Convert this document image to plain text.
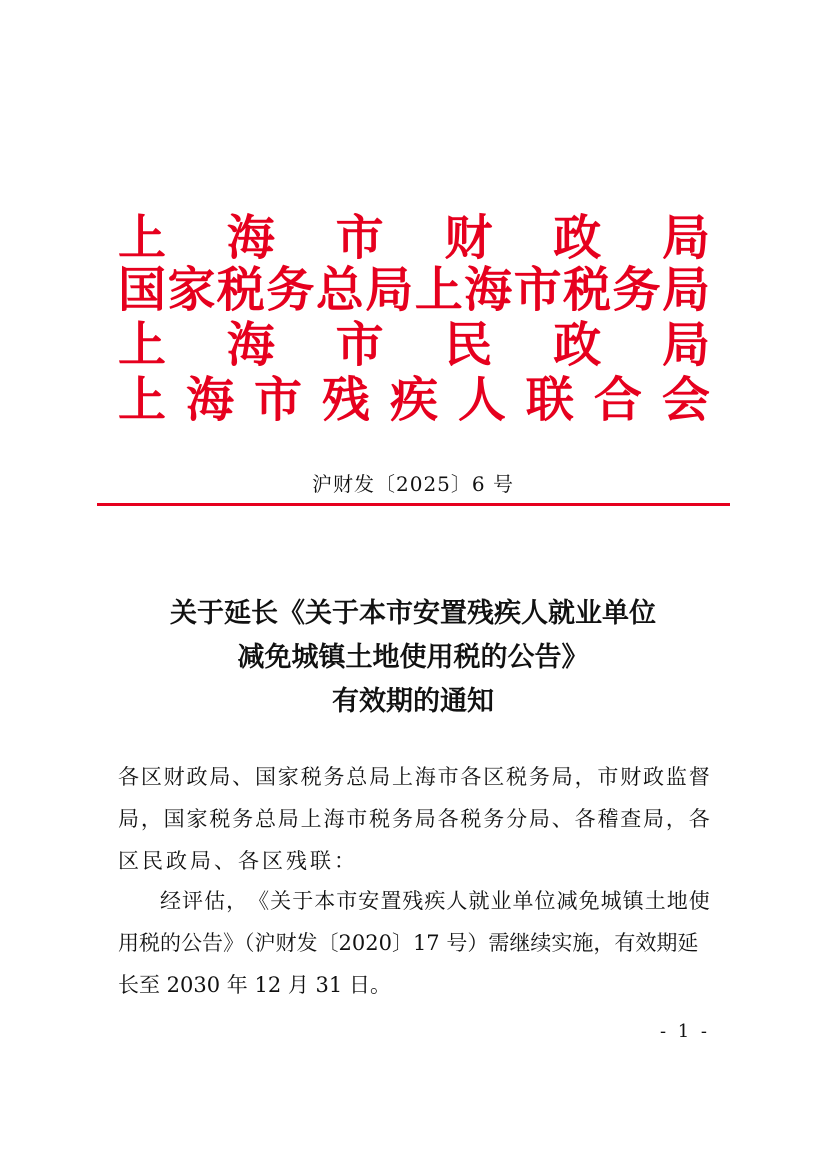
上 海 市 财 政 局
国 家 税 务 总 局 上 海 市 税 务 局
上 海 市 民 政 局
上 海 市 残 疾 人 联 合 会
沪财发〔2025〕6 号
关于延长《关于本市安置残疾人就业单位
减免城镇土地使用税的公告》
有效期的通知
各 区 财 政 局 、 国 家 税 务 总 局 上 海 市 各 区 税 务 局 ， 市 财 政 监 督
局 ， 国 家 税 务 总 局 上 海 市 税 务 局 各 税 务 分 局 、 各 稽 查 局 ， 各
区民政局、各区残联：
经 评 估 ， 《 关 于 本 市 安 置 残 疾 人 就 业 单 位 减 免 城 镇 土 地 使
用税的公告》（沪财发〔2020〕17 号）需继续实施，有效期延
长至 2030 年 12 月 31 日。
- 1 -
